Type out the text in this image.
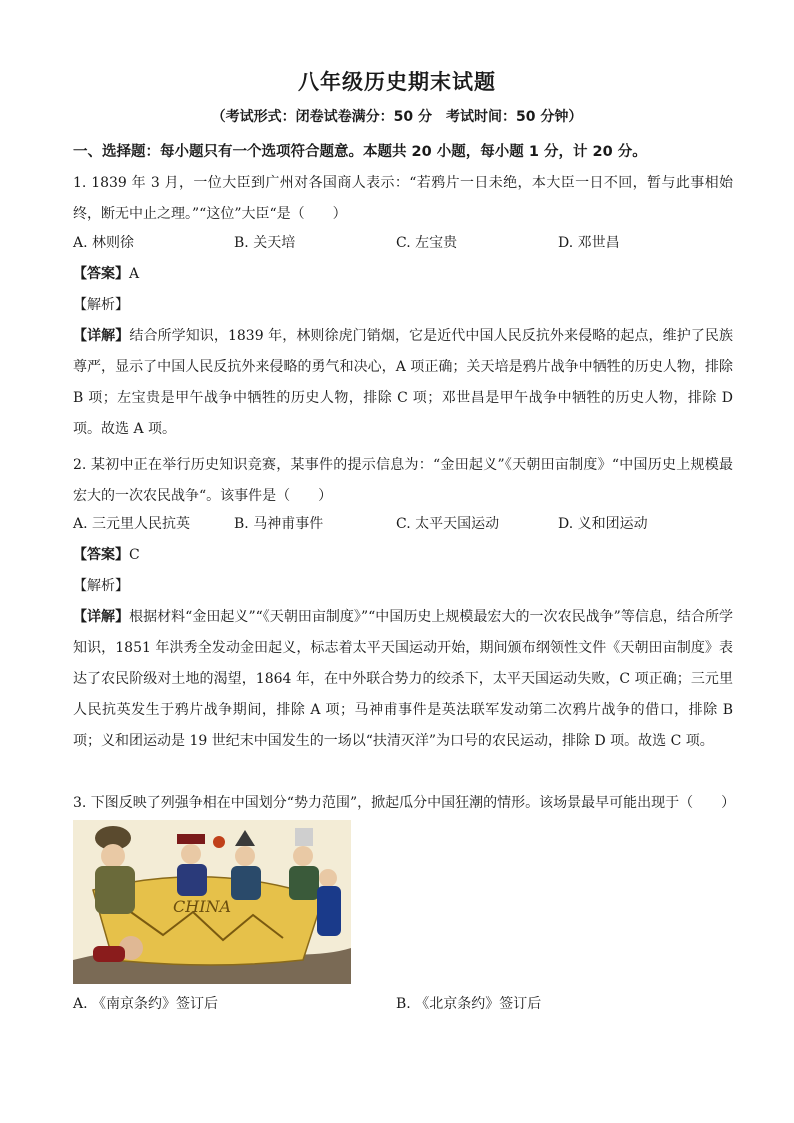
八年级历史期末试题
（考试形式：闭卷试卷满分：50 分　考试时间：50 分钟）
一、选择题：每小题只有一个选项符合题意。本题共 20 小题，每小题 1 分，计 20 分。
1. 1839 年 3 月，一位大臣到广州对各国商人表示：“若鸦片一日未绝，本大臣一日不回，暂与此事相始终，断无中止之理。”“这位”大臣“是（　　）
A. 林则徐	B. 关天培	C. 左宝贵	D. 邓世昌
【答案】A
【解析】
【详解】结合所学知识，1839 年，林则徐虎门销烟，它是近代中国人民反抗外来侵略的起点，维护了民族尊严，显示了中国人民反抗外来侵略的勇气和决心，A 项正确；关天培是鸦片战争中牺牲的历史人物，排除 B 项；左宝贵是甲午战争中牺牲的历史人物，排除 C 项；邓世昌是甲午战争中牺牲的历史人物，排除 D 项。故选 A 项。
2. 某初中正在举行历史知识竞赛，某事件的提示信息为：“金田起义”《天朝田亩制度》“中国历史上规模最宏大的一次农民战争“。该事件是（　　）
A. 三元里人民抗英	B. 马神甫事件	C. 太平天国运动	D. 义和团运动
【答案】C
【解析】
【详解】根据材料“金田起义”“《天朝田亩制度》”“中国历史上规模最宏大的一次农民战争”等信息，结合所学知识，1851 年洪秀全发动金田起义，标志着太平天国运动开始，期间颁布纲领性文件《天朝田亩制度》表达了农民阶级对土地的渴望，1864 年，在中外联合势力的绞杀下，太平天国运动失败，C 项正确；三元里人民抗英发生于鸦片战争期间，排除 A 项；马神甫事件是英法联军发动第二次鸦片战争的借口，排除 B 项；义和团运动是 19 世纪末中国发生的一场以“扶清灭洋”为口号的农民运动，排除 D 项。故选 C 项。
3. 下图反映了列强争相在中国划分“势力范围”，掀起瓜分中国狂潮的情形。该场景最早可能出现于（　　）
CHINA
A. 《南京条约》签订后	B. 《北京条约》签订后
